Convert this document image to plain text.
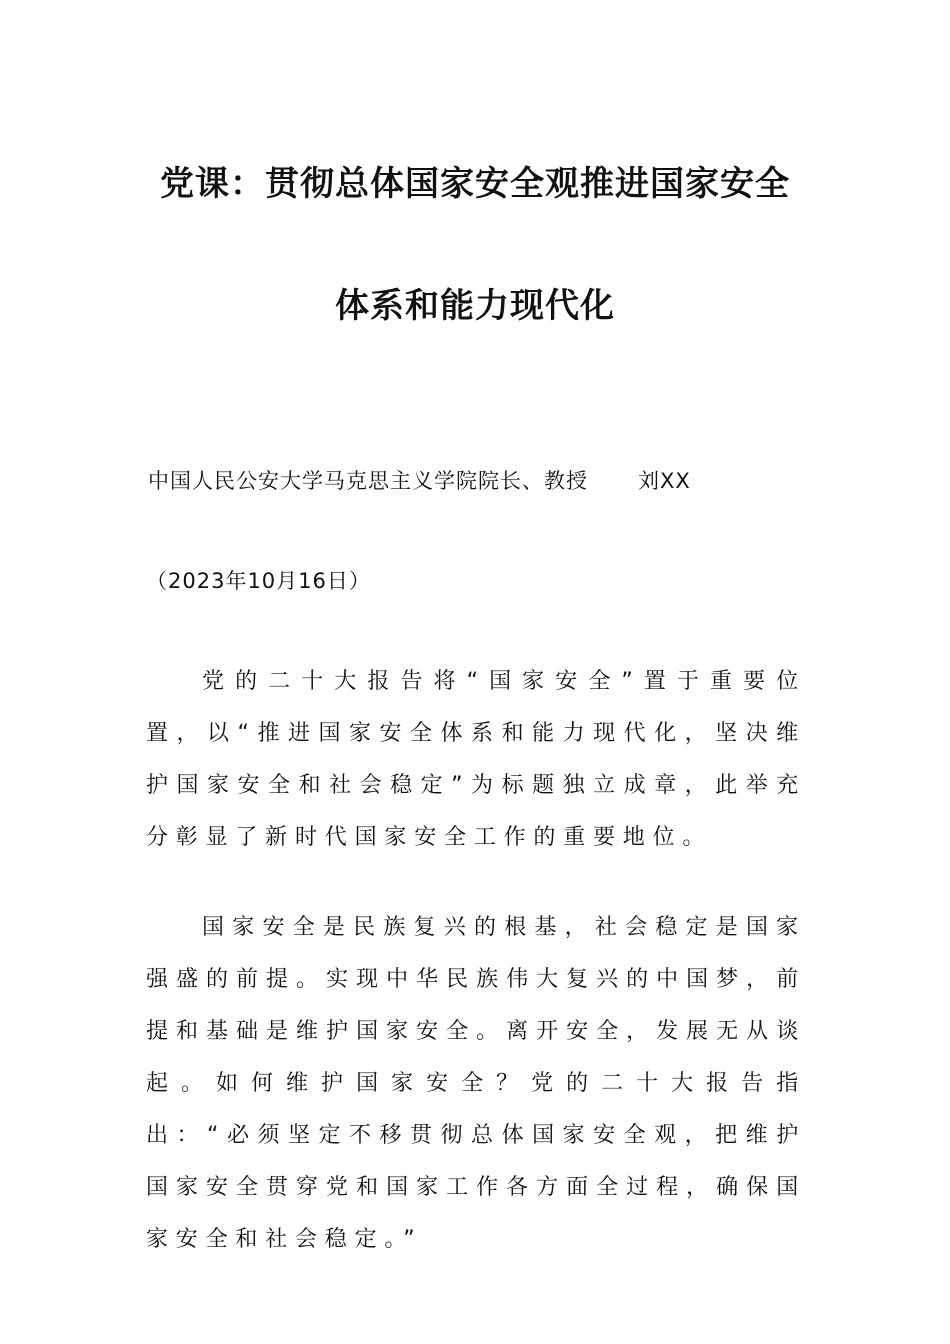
党课：贯彻总体国家安全观推进国家安全
体系和能力现代化
中国人民公安大学马克思主义学院院长、教授 刘XX
（2023年10月16日）

党的二十大报告将“国家安全”置于重要位置，以“推进国家安全体系和能力现代化，坚决维护国家安全和社会稳定”为标题独立成章，此举充分彰显了新时代国家安全工作的重要地位。

国家安全是民族复兴的根基，社会稳定是国家强盛的前提。实现中华民族伟大复兴的中国梦，前提和基础是维护国家安全。离开安全，发展无从谈起。如何维护国家安全？党的二十大报告指出：“必须坚定不移贯彻总体国家安全观，把维护国家安全贯穿党和国家工作各方面全过程，确保国家安全和社会稳定。”
